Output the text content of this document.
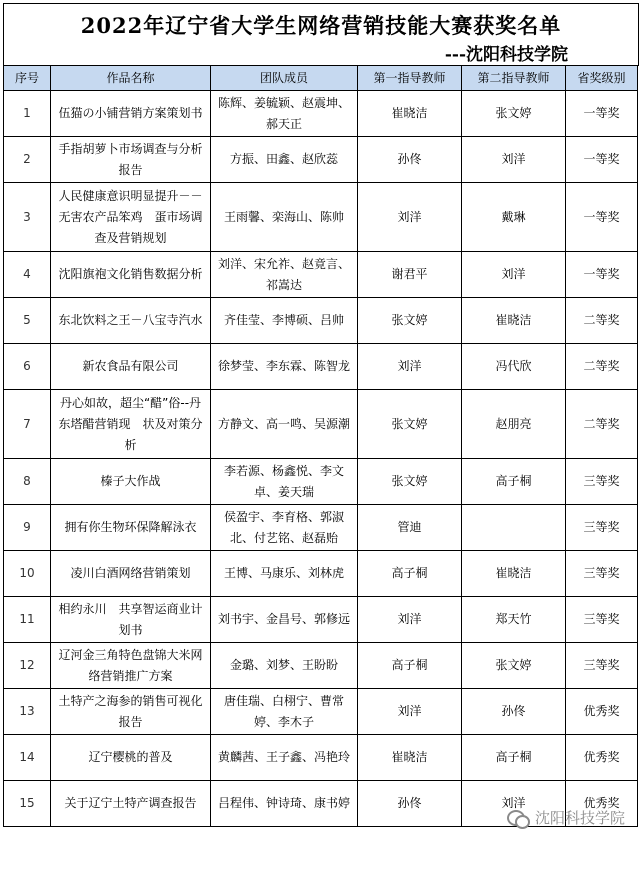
2022年辽宁省大学生网络营销技能大赛获奖名单
---沈阳科技学院
序号	作品名称	团队成员	第一指导教师	第二指导教师	省奖级别
1	伍猫の小铺营销方案策划书	陈辉、姜毓颖、赵震坤、郝天正	崔晓洁	张文婷	一等奖
2	手指胡萝卜市场调查与分析报告	方振、田鑫、赵欣蕊	孙佟	刘洋	一等奖
3	人民健康意识明显提升－－无害农产品笨鸡　蛋市场调查及营销规划	王雨馨、栾海山、陈帅	刘洋	戴琳	一等奖
4	沈阳旗袍文化销售数据分析	刘洋、宋允祚、赵竟言、祁嵩达	谢君平	刘洋	一等奖
5	东北饮料之王－八宝寺汽水	齐佳莹、李博硕、吕帅	张文婷	崔晓洁	二等奖
6	新农食品有限公司	徐梦莹、李东霖、陈智龙	刘洋	冯代欣	二等奖
7	丹心如故，超尘“醋”俗--丹东塔醋营销现　状及对策分析	方静文、高一鸣、吴源潮	张文婷	赵朋亮	二等奖
8	榛子大作战	李若源、杨鑫悦、李文卓、姜天瑞	张文婷	高子桐	三等奖
9	拥有你生物环保降解泳衣	侯盈宇、李育格、郭淑北、付艺铭、赵磊贻	管迪		三等奖
10	凌川白酒网络营销策划	王博、马康乐、刘林虎	高子桐	崔晓洁	三等奖
11	相约永川　共享智运商业计划书	刘书宇、金昌号、郭修远	刘洋	郑天竹	三等奖
12	辽河金三角特色盘锦大米网络营销推广方案	金璐、刘梦、王盼盼	高子桐	张文婷	三等奖
13	土特产之海参的销售可视化报告	唐佳瑞、白栩宁、曹常婷、李木子	刘洋	孙佟	优秀奖
14	辽宁樱桃的普及	黄麟茜、王子鑫、冯艳玲	崔晓洁	高子桐	优秀奖
15	关于辽宁土特产调查报告	吕程伟、钟诗琦、康书婷	孙佟	刘洋	优秀奖
沈阳科技学院
